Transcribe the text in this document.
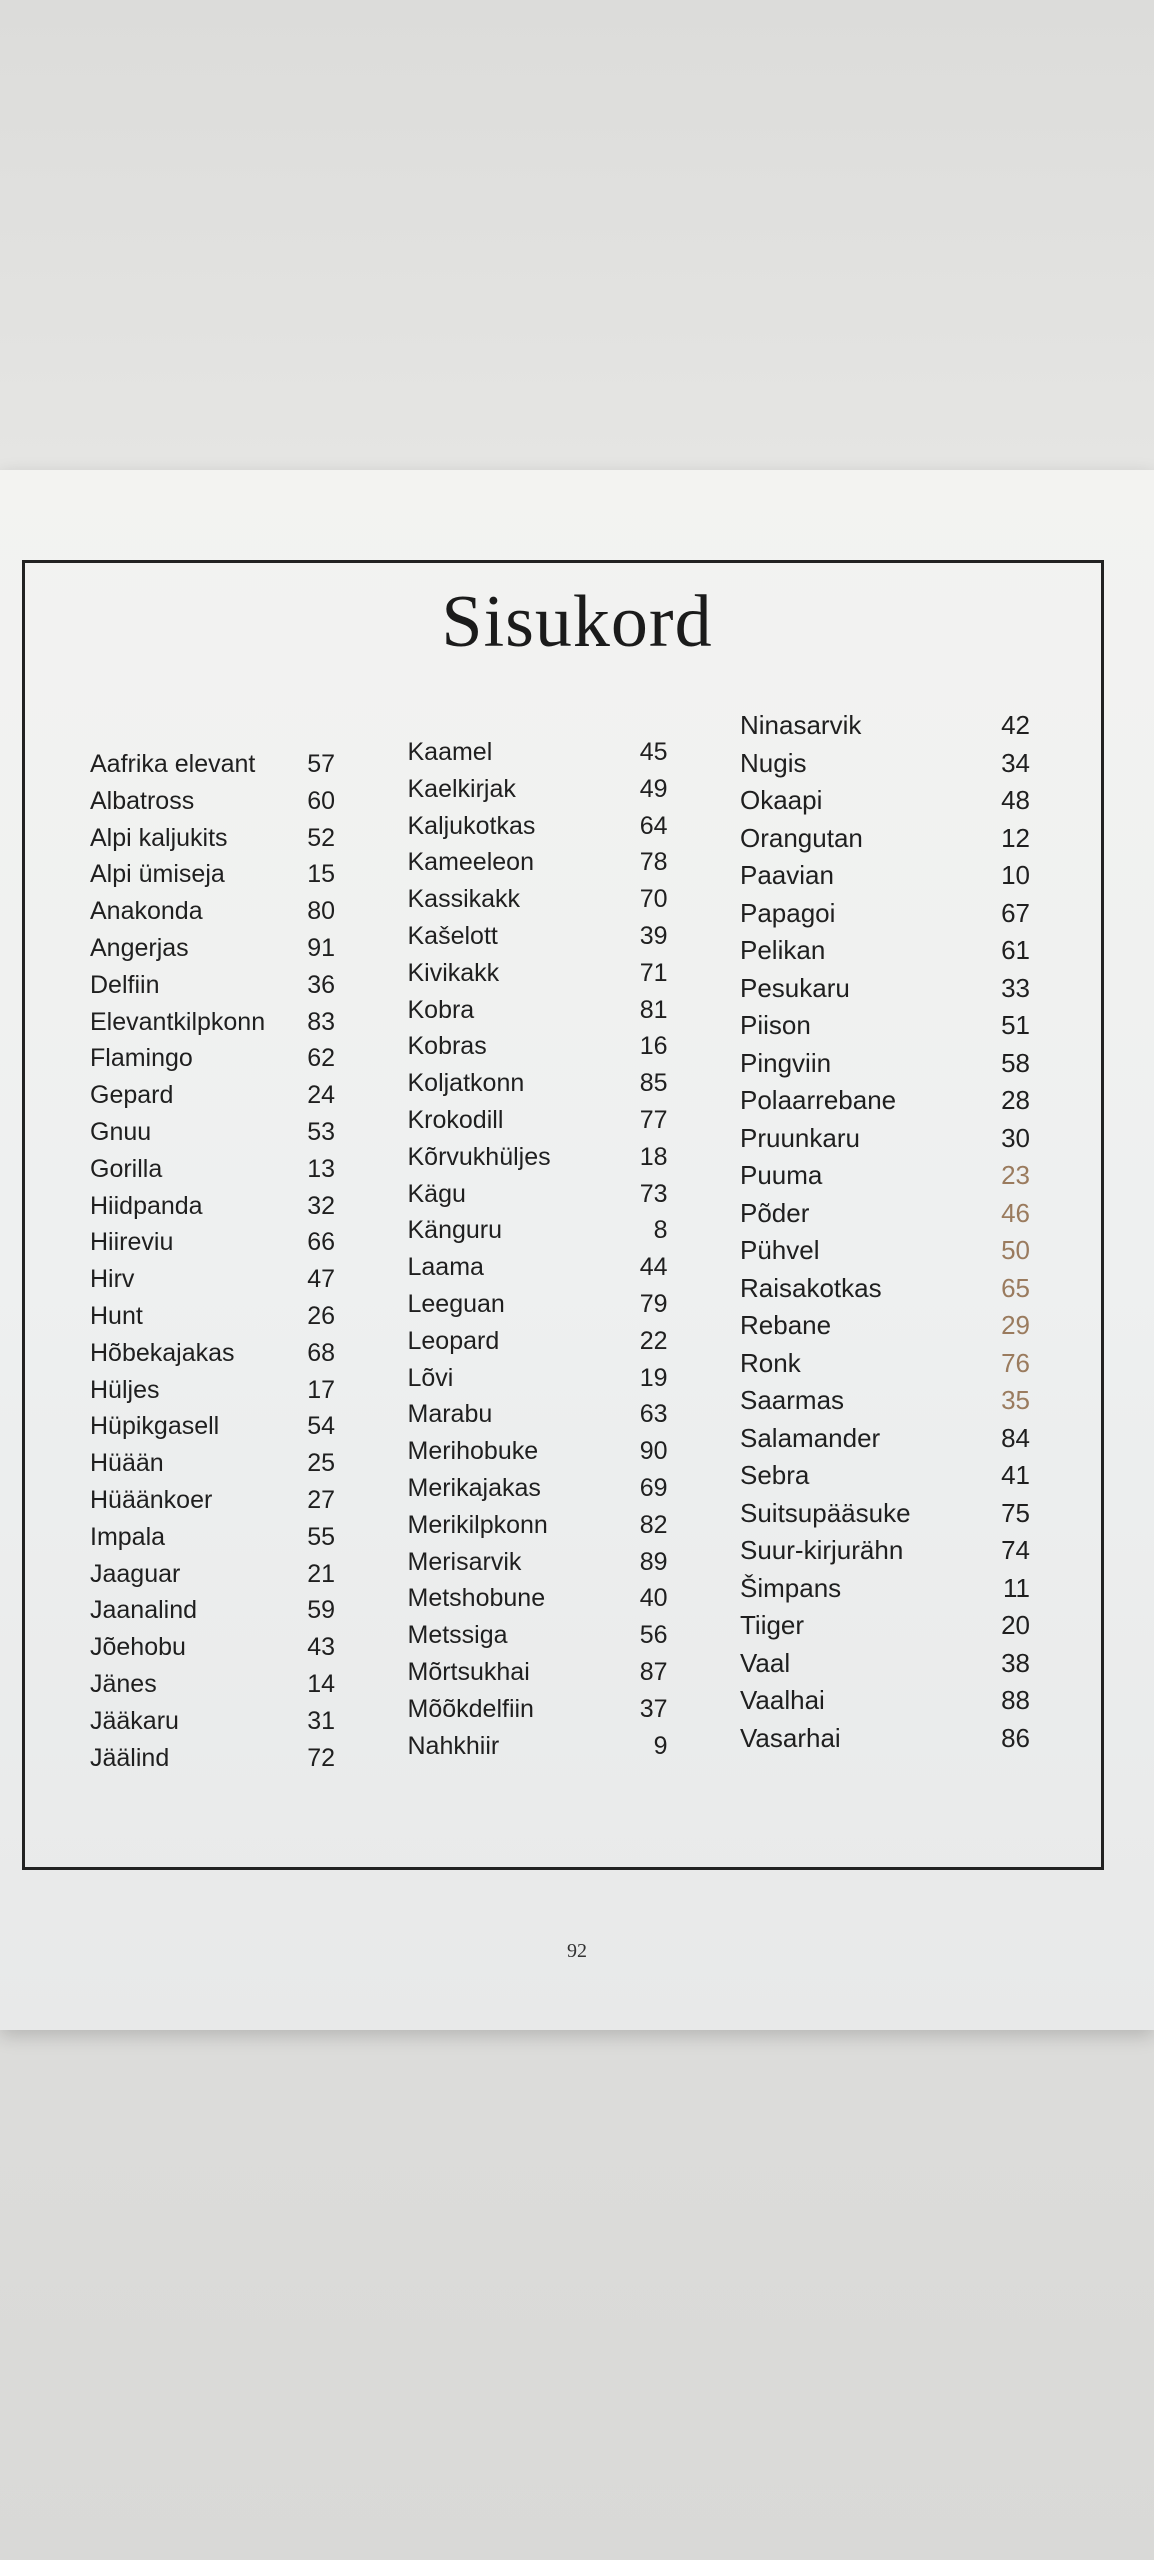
Sisukord
Aafrika elevant	57
Albatross	60
Alpi kaljukits	52
Alpi ümiseja	15
Anakonda	80
Angerjas	91
Delfiin	36
Elevantkilpkonn	83
Flamingo	62
Gepard	24
Gnuu	53
Gorilla	13
Hiidpanda	32
Hiireviu	66
Hirv	47
Hunt	26
Hõbekajakas	68
Hüljes	17
Hüpikgasell	54
Hüään	25
Hüäänkoer	27
Impala	55
Jaaguar	21
Jaanalind	59
Jõehobu	43
Jänes	14
Jääkaru	31
Jäälind	72
Kaamel	45
Kaelkirjak	49
Kaljukotkas	64
Kameeleon	78
Kassikakk	70
Kašelott	39
Kivikakk	71
Kobra	81
Kobras	16
Koljatkonn	85
Krokodill	77
Kõrvukhüljes	18
Kägu	73
Känguru	8
Laama	44
Leeguan	79
Leopard	22
Lõvi	19
Marabu	63
Merihobuke	90
Merikajakas	69
Merikilpkonn	82
Merisarvik	89
Metshobune	40
Metssiga	56
Mõrtsukhai	87
Mõõkdelfiin	37
Nahkhiir	9
Ninasarvik	42
Nugis	34
Okaapi	48
Orangutan	12
Paavian	10
Papagoi	67
Pelikan	61
Pesukaru	33
Piison	51
Pingviin	58
Polaarrebane	28
Pruunkaru	30
Puuma	23
Põder	46
Pühvel	50
Raisakotkas	65
Rebane	29
Ronk	76
Saarmas	35
Salamander	84
Sebra	41
Suitsupääsuke	75
Suur-kirjurähn	74
Šimpans	11
Tiiger	20
Vaal	38
Vaalhai	88
Vasarhai	86
92
